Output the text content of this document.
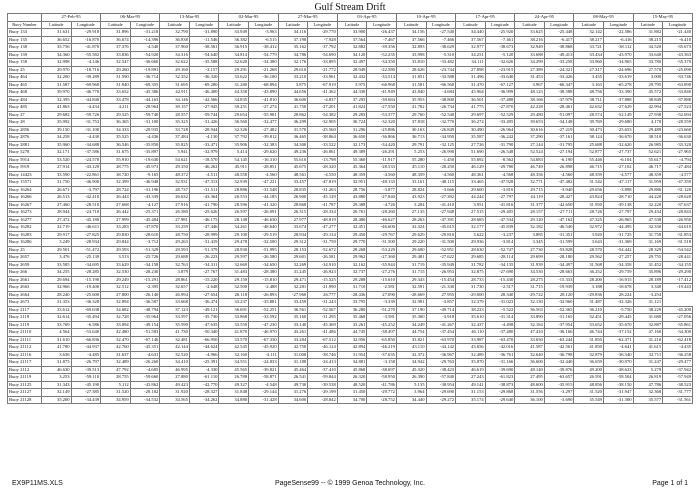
Gulf Stream Drift
	27-Feb-95		06-Mar-95		13-Mar-95		02-Mar-95		27-Mar-95		03-Apr-95		10-Apr-95		17-Apr-95		24-Apr-95		08-May-95		15-May-95	
Buoy Number	Latitude	Longitude	Latitude	Longitude	Latitude	Longitude	Latitude	Longitude	Latitude	Longitude	Latitude	Longitude	Latitude	Longitude	Latitude	Longitude	Latitude	Longitude	Latitude	Longitude	Latitude	Longitude
Buoy 133	31.631	-29.918	31.896	-31.218	32.790	-31.890	33.949	-3.963	34.116	-29.770	33.900	-26.437	34.156	-27.540	34.440	-25.920	33.625	-25.448	32.142	-22.586	31.882	-21.440
Buoy 135	36.652	-16.870	36.674	-14.396	36.838	-11.546	36.382	-6.515	37.198	-7.928	37.564	-7.467	37.566	-7.466	37.567	-7.461	38.216	-6.417	38.217	-6.416	38.215	-6.410
Buoy 138	35.756	-41.870	37.376	-4.540	37.960	-38.561	36.915	-38.412	35.162	-37.792	32.882	-39.356	32.893	-38.629	32.977	-38.673	32.949	-38.868	33.721	-38.112	34.520	-35.673
Buoy 139	34.360	-55.582	33.836	-54.920	34.316	-54.640	34.814	-54.779	34.786	-54.690	34.120	-52.235	33.998	-5.310	34.251	-5.120	33.688	-49.413	33.434	-43.970	33.640	-43.363
Buoy 158	32.998	-4.146	32.547	-36.660	32.622	-35.588	32.620	-34.380	32.176	-33.895	32.497	-34.350	33.810	-33.482	34.111	-32.626	34.299	-33.258	33.960	-34.965	33.780	-35.370
Buoy 25	29.970	-18.716	29.260	-19.891	29.160	-2.157	29.291	-21.268	29.610	-21.772	28.949	-22.580	28.626	-23.744	27.898	-23.915	27.389	-24.321	27.317	-24.696	27.570	-25.090
Buoy 464	32.200	-39.289	31.590	-36.714	32.352	-36.320	33.622	-36.100	33.210	-33.961	32.432	-33.514	31.851	-33.588	31.496	-33.640	31.453	-33.426	3.455	-33.619	3.000	-33.746
Buoy 465	31.587	-69.960	31.940	-69.355	31.695	-69.280	31.280	-68.894	3.875	-67.919	3.975	-66.968	31.581	-66.560	31.470	-67.127	3.967	-66.347	3.163	-65.278	29.795	-63.890
Buoy 468	39.970	-46.770	33.652	-45.386	42.911	-46.400	44.358	-43.890	44.656	-41.362	44.330	-41.949	43.840	-4.684	45.964	-36.999	48.123	-38.588	48.756	-33.390	45.572	-33.840
Buoy 484	32.395	-44.840	33.478	-44.163	34.146	-42.566	34.835	-41.810	36.600	-4.837	37.293	-39.684	35.953	-38.800	36.501	-37.488	38.166	-37.979	38.711	-37.888	38.849	-37.888
Buoy 485	41.863	-4.434	4.211	-28.964	39.157	-27.945	39.251	-27.274	41.750	-27.201	41.824	-27.550	41.782	-26.734	41.775	-27.870	42.228	-28.461	42.632	-27.629	42.994	-27.523
Buoy 27	29.682	-59.726	29.525	-59.740	28.557	-59.744	29.654	-55.981	28.862	-54.382	29.283	-53.377	29.760	-52.540	29.697	-52.529	29.480	-51.097	28.574	-52.149	27.938	-52.694
Buoy 28	35.992	-31.753	36.365	-31.100	35.325	-31.426	36.560	-32.477	36.299	-32.905	36.724	-32.320	37.818	-32.770	36.274	-33.495	39.653	-34.148	39.769	-29.680	4.178	-28.559
Buoy 2856	39.150	-31.100	34.333	-29.935	33.728	-28.944	32.326	-27.482	31.570	-25.560	31.296	-25.886	30.163	-26.849	30.490	-26.964	30.616	-27.219	30.473	-25.653	29.489	-23.660
Buoy 2876	34.258	-4.430	35.525	-4.436	37.484	-4.130	37.792	-39.812	36.465	-38.864	36.650	-36.866	36.713	-34.950	35.587	-36.242	37.290	-37.161	38.124	-36.670	38.510	-36.630
Buoy 2881	35.960	-34.688	36.546	-35.850	35.825	-33.471	35.906	-32.383	34.300	-33.522	32.173	-34.420	29.791	-32.125	27.726	-31.790	27.144	-31.795	25.688	-32.620	26.985	-33.320
Buoy 5278	32.171	-37.586	31.675	-35.897	5.941	-32.979	5.414	-29.620	49.236	-26.861	49.389	-26.291	5.253	-26.990	51.690	-26.548	52.524	-27.194	52.877	-27.737	52.621	-27.965
Buoy 5914	53.520	-24.570	55.910	-19.630	54.621	-18.570	54.145	-16.310	55.610	-13.798	55.360	-11.917	55.280	-1.450	55.692	-8.562	54.683	-6.190	55.446	-6.104	55.617	-4.794
Buoy 5919	27.914	-43.129	28.775	-45.973	29.350	-46.262	45.911	-28.851	45.675	-28.320	45.364	-28.533	45.110	-28.250	46.129	-29.780	46.749	-26.898	46.715	-27.102	46.717	-27.484
Buoy 14423	33.590	-22.861	38.720	-9.165	48.372	-4.511	48.558	-4.560	48.561	-4.550	48.359	-4.560	48.359	-4.560	48.361	-4.568	48.356	-4.560	48.359	-4.577	48.359	-4.577
Buoy 15571	31.750	-46.900	32.399	-46.948	32.931	-47.313	32.939	-47.221	33.457	-47.819	32.951	-48.133	33.161	-48.115	33.465	-47.928	32.771	-47.482	31.542	-47.117	31.959	-47.359
Buoy 16264	26.671	-3.797	28.724	-31.196	28.737	-31.511	28.886	-31.548	28.835	-31.263	28.756	-3.877	28.824	-3.666	29.600	-3.816	29.715	-3.940	29.656	-3.898	29.886	-31.120
Buoy 16266	26.513	-42.410	26.443	-43.339	26.632	-43.364	26.553	-44.185	26.900	-45.129	43.880	-27.840	43.923	-27.392	44.244	-27.797	44.119	-28.427	43.824	-28.710	44.220	-28.620
Buoy 16267	27.460	-28.510	27.668	-4.127	27.916	-41.790	28.596	-41.320	28.868	-41.787	29.388	-4.726	3.284	-41.410	3.951	-41.816	31.377	-42.650	31.950	-39.138	32.220	-37.637
Buoy 16273	28.944	-24.710	26.442	-25.371	26.580	-25.626	26.597	-26.091	26.315	-28.334	26.761	-28.260	27.135	-27.948	27.515	-29.405	28.157	-27.711	28.726	-27.797	29.434	-28.843
Buoy 16277	27.472	-45.180	27.999	-45.484	27.981	-46.175	28.148	-46.630	27.977	-48.819	28.480	-46.627	28.263	-47.391	28.683	-47.534	29.120	-47.162	47.325	-26.965	47.538	-26.950
Buoy 16282	32.719	-46.611	33.283	-47.870	33.259	-47.446	34.261	-48.640	33.674	-47.277	32.451	-46.600	32.324	-45.615	32.177	-45.839	32.182	-46.540	32.972	-44.495	32.330	-44.610
Buoy 16283	29.917	-27.825	29.830	-28.610	28.750	-28.999	29.100	-29.519	28.934	-29.134	29.450	-29.767	29.629	-29.810	3.622	-3.237	3.885	-31.351	3.920	-31.725	31.758	-31.853
Buoy 16286	3.249	-28.934	29.844	-3.712	29.263	-31.419	29.478	-32.500	29.312	-31.759	29.770	-31.500	29.220	-31.500	29.936	-3.814	3.345	-31.599	3.643	-31.369	31.169	-31.518
Buoy 25	29.501	-51.472	29.593	-51.329	29.593	-51.379	28.930	-51.995	28.153	-52.672	28.268	-53.229	29.600	-52.951	28.630	-52.747	27.730	-53.828	28.570	-54.442	28.329	-54.542
Buoy 2657	3.476	-25.139	3.513	-25.726	29.688	-26.223	29.597	-26.580	29.601	-26.581	29.962	-27.360	29.481	-27.622	29.685	-28.114	29.699	-28.180	29.562	-27.257	29.755	-28.441
Buoy 2659	33.585	-34.695	33.629	-34.158	32.763	-34.311	32.669	-34.650	32.269	-34.910	32.162	-35.944	31.719	-35.949	31.782	-34.135	31.939	-34.497	31.568	-34.358	31.452	-34.155
Buoy 266	34.255	-28.285	32.530	-28.230	3.879	-27.767	31.483	-28.380	31.245	-26.923	32.737	-27.276	31.715	-26.953	32.875	-27.690	34.530	-28.663	36.252	-29.759	35.896	-29.290
Buoy 2661	29.694	-15.190	29.249	-15.291	28.861	-15.220	29.150	-15.810	29.471	-15.525	29.288	-15.610	29.343	-15.454	28.733	-15.430	28.275	-15.333	28.200	-16.915	28.189	-17.412
Buoy 2663	32.966	-19.400	32.512	-2.395	32.657	-2.648	32.500	-2.488	32.281	-21.990	31.710	-2.581	32.591	-21.330	31.730	-2.517	31.715	-19.939	3.188	-18.678	3.340	-19.443
Buoy 2664	28.240	-25.600	27.800	-26.140	26.994	-27.654	26.118	-26.893	-27.960	26.777	-28.436	27.090	-28.669	27.955	-29.000	28.340	-29.722	28.120	-29.836	28.224	-3.254	
Buoy 2673	31.353	-36.328	32.894	-36.587	33.668	-36.474	33.237	-35.881	33.459	-31.243	33.795	-3.339	32.981	-3.857	32.379	-31.023	32.130	-32.960	31.487	-32.326	31.121	
Buoy 2117	33.612	-69.638	34.682	-48.794	37.123	-49.121	36.691	-52.251	36.561	-52.567	36.280	-51.270	37.190	-49.714	38.223	-5.522	36.563	-52.365	36.210	-5.750	38.229	-45.200
Buoy 2118	32.614	-35.494	32.728	-35.964	33.597	-35.730	33.868	-33.592	35.160	-31.295	35.468	-3.581	35.300	-3.918	35.610	-31.314	33.890	-31.165	32.451	-29.445	31.680	-27.056
Buoy 2119	33.769	-6.586	33.894	-49.154	35.590	-47.635	33.550	-47.230	33.140	-45.369	33.261	-45.252	34.249	-41.267	32.437	-4.498	32.184	-37.954	33.652	-35.670	32.887	-35.861
Buoy 21110	4.564	-53.640	42.480	-51.583	41.730	-50.340	41.870	-46.970	43.261	-41.486	44.745	-38.497	44.754	-37.454	46.110	-37.480	47.410	-36.166	46.744	-37.152	47.160	-34.300
Buoy 21111	31.610	-66.836	32.470	-67.146	32.481	-66.950	33.570	-67.330	33.284	-67.512	32.956	-65.850	33.821	-63.970	33.987	-63.470	33.650	-63.244	31.850	-62.371	31.210	-62.418
Buoy 21112	41.780	-44.937	42.760	-45.351	42.144	-44.624	42.545	-45.920	42.750	-46.124	42.894	-46.219	43.110	-44.142	43.656	-42.016	41.587	-42.561	41.850	-4.641	41.615	-4.435
Buoy 21116	3.636	-4.485	31.637	-4.631	32.520	-4.966	32.160	-4.111	31.000	-38.746	31.954	-37.635	32.372	-36.967	32.489	-36.761	32.640	-36.798	32.879	-36.340	32.711	-36.258
Buoy 21117	31.875	-26.797	32.489	-26.260	34.410	-25.391	34.551	-24.833	31.188	-24.413	34.881	-3.158	34.942	-29.763	35.870	-31.166	36.600	-32.440	36.659	-30.970	31.247	-29.477
Buoy 2112	46.630	-39.513	47.792	-4.685	46.995	-4.330	45.565	-39.821	45.464	-37.410	45.868	-38.697	45.320	-38.423	46.619	-39.690	48.140	-39.876	49.200	-38.623	5.279	-37.942
Buoy 21119	3.253	-59.110	28.755	-59.660	27.880	-61.110	26.788	-58.871	26.541	-59.844	26.320	-58.950	26.390	-57.840	27.243	-61.823	27.495	-63.657	26.591	-58.504	26.819	-57.949
Buoy 21125	31.343	-45.190	5.112	-43.862	49.423	-42.770	49.327	-4.548	49.730	-39.538	48.520	-41.786	5.135	-38.954	49.141	-38.873	48.600	-35.915	48.856	-38.150	47.786	-38.523
Buoy 21127	32.149	-27.385	31.520	-28.182	31.920	-28.327	31.848	-29.144	31.276	-29.199	31.450	-29.772	3.964	-29.690	31.153	-29.868	31.556	-3.297	31.520	-31.947	32.368	-31.777
Buoy 21128	35.200	-34.439	34.959	-34.532	34.565	-34.262	34.880	-31.428	34.600	-28.842	34.700	-28.752	34.440	-29.272	35.174	-29.640	36.100	-3.690	35.549	-31.300	35.577	-31.561
EX9P11MS.XLS	PageSense99 -- © 1999 Genoa Technology, Inc.	Page 1 of 1
